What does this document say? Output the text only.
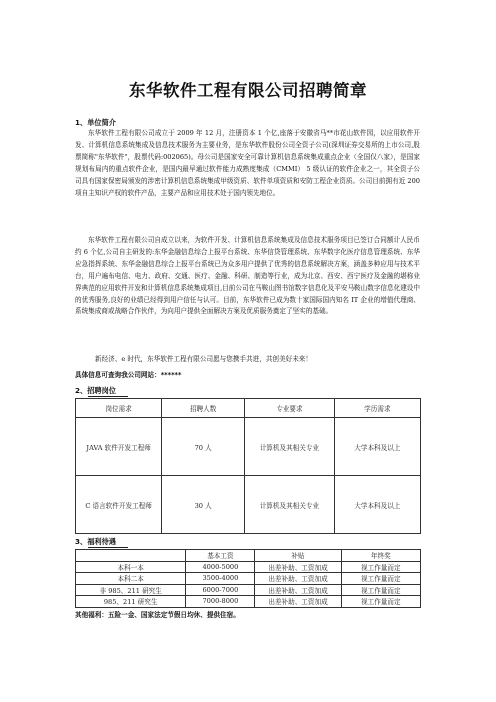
东华软件工程有限公司招聘简章
1、单位简介

东华软件工程有限公司成立于 2009 年 12 月，注册资本 1 个亿,座落于安徽省马**市花山软件园，以应用软件开发、计算机信息系统集成及信息技术服务为主要业务，是东华软件股份公司全资子公司(深圳证券交易所的上市公司,股票简称"东华软件"，股票代码:002065)。母公司是国家安全可靠计算机信息系统集成重点企业（全国仅八家），是国家规划布局内的重点软件企业，是国内最早通过软件能力成熟度集成（CMMI） 5 级认证的软件企业之一，其全资子公司具有国家保密局颁发的涉密计算机信息系统集成甲级资质、软件单项资质和安防工程企业资质。公司目前拥有近 200 项自主知识产权的软件产品，主要产品和应用技术处于国内领先地位。

东华软件工程有限公司自成立以来，为软件开发、计算机信息系统集成及信息技术服务项目已签订合同额计人民币约 6 个亿,公司自主研发的:东华金融信息综合上报平台系统、东华信贷管理系统、东华数字化医疗信息管理系统、东华应急指挥系统、东华金融信息综合上报平台系统已为众多用户提供了优秀的信息系统解决方案，涵盖多种应用与技术平台，用户遍布电信、电力、政府、交通、医疗、金融、科研、制造等行业，成为北京、西安、西宁医疗及金融的堪称业界典范的应用软件开发和计算机信息系统集成项目,目前公司在马鞍山图书馆数字信息化及平安马鞍山数字信息化建设中的优秀服务,良好的业绩已经得到用户信任与认可。目前，东华软件已成为数十家国际国内知名 IT 企业的增值代理商、系统集成商或战略合作伙伴，为向用户提供全面解决方案及优质服务奠定了坚实的基础。

新经济、e 时代，东华软件工程有限公司愿与您携手共进，共创美好未来！
具体信息可查询我公司网站：******
2、招聘岗位
岗位需求	招聘人数	专业要求	学历需求
JAVA 软件开发工程师	70 人	计算机及其相关专业	大学本科及以上
C 语言软件开发工程师	30 人	计算机及其相关专业	大学本科及以上
3、福利待遇
	基本工资	补贴	年终奖
本科一本	4000-5000	出差补助、工资加成	视工作量而定
本科二本	3500-4000	出差补助、工资加成	视工作量而定
非 985、211 研究生	6000-7000	出差补助、工资加成	视工作量而定
985、211 研究生	7000-8000	出差补助、工资加成	视工作量而定
其他福利：五险一金、国家法定节假日均休、提供住宿。
